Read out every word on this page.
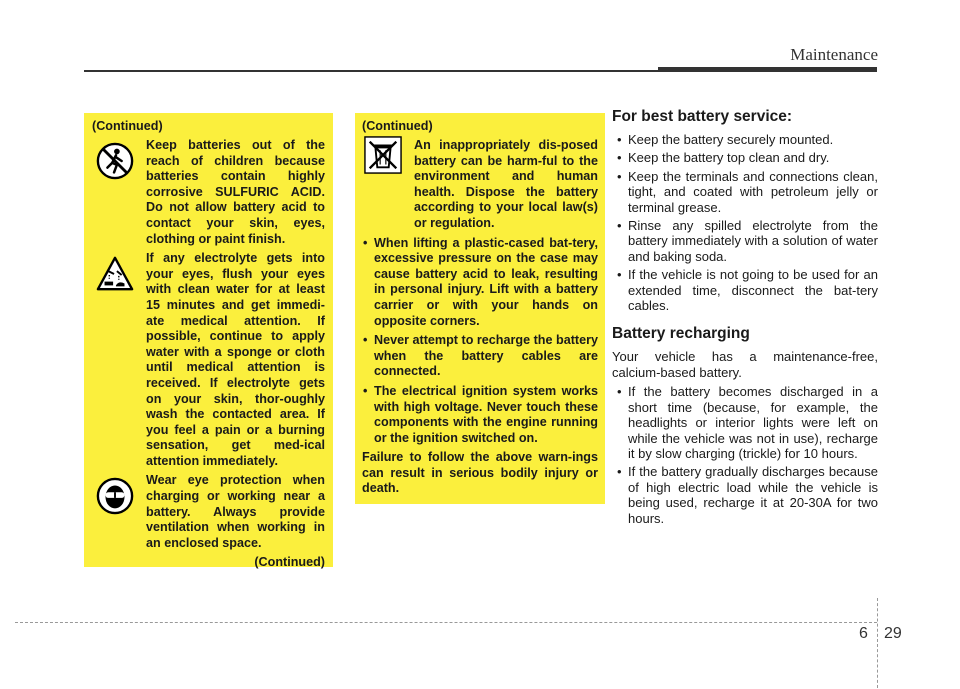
Maintenance
(Continued)
Keep batteries out of the reach of children because batteries contain highly corrosive SULFURIC ACID. Do not allow battery acid to contact your skin, eyes, clothing or paint finish.
If any electrolyte gets into your eyes, flush your eyes with clean water for at least 15 minutes and get immedi-ate medical attention. If possible, continue to apply water with a sponge or cloth until medical attention is received. If electrolyte gets on your skin, thor-oughly wash the contacted area. If you feel a pain or a burning sensation, get med-ical attention immediately.
Wear eye protection when charging or working near a battery. Always provide ventilation when working in an enclosed space.
(Continued)
(Continued)
An inappropriately dis-posed battery can be harm-ful to the environment and human health. Dispose the battery according to your local law(s) or regulation.
• When lifting a plastic-cased bat-tery, excessive pressure on the case may cause battery acid to leak, resulting in personal injury. Lift with a battery carrier or with your hands on opposite corners.
• Never attempt to recharge the battery when the battery cables are connected.
• The electrical ignition system works with high voltage. Never touch these components with the engine running or the ignition switched on.
Failure to follow the above warn-ings can result in serious bodily injury or death.
For best battery service:
• Keep the battery securely mounted.
• Keep the battery top clean and dry.
• Keep the terminals and connections clean, tight, and coated with petroleum jelly or terminal grease.
• Rinse any spilled electrolyte from the battery immediately with a solution of water and baking soda.
• If the vehicle is not going to be used for an extended time, disconnect the bat-tery cables.
Battery recharging
Your vehicle has a maintenance-free, calcium-based battery.
• If the battery becomes discharged in a short time (because, for example, the headlights or interior lights were left on while the vehicle was not in use), recharge it by slow charging (trickle) for 10 hours.
• If the battery gradually discharges because of high electric load while the vehicle is being used, recharge it at 20-30A for two hours.
6 29
